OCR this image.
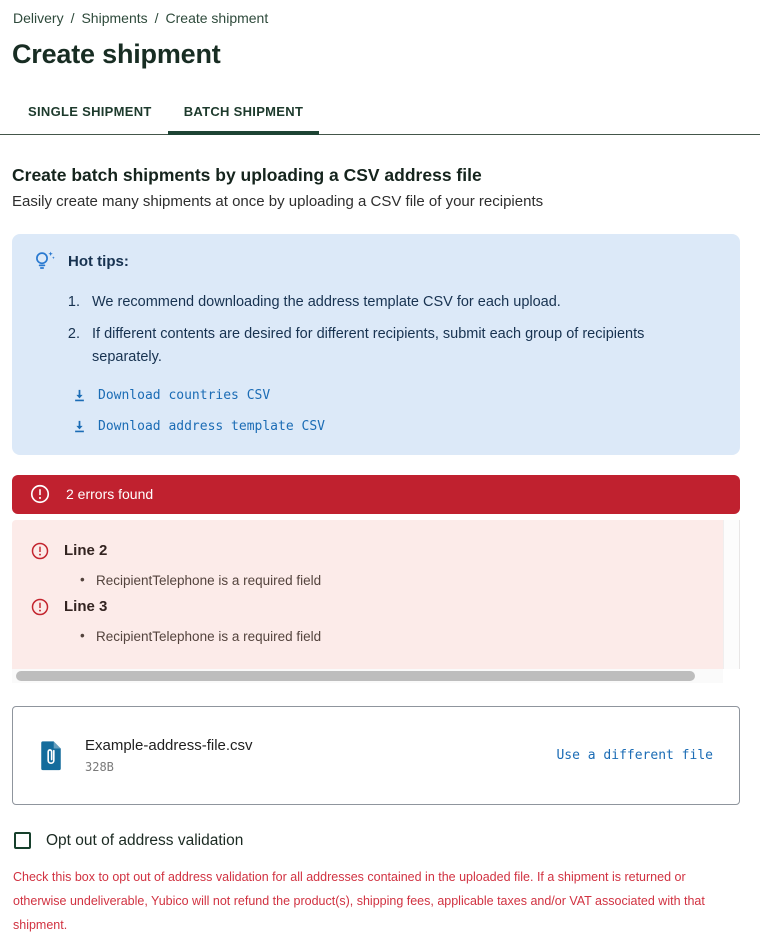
Delivery / Shipments / Create shipment
Create shipment
SINGLE SHIPMENT	BATCH SHIPMENT
Create batch shipments by uploading a CSV address file

Easily create many shipments at once by uploading a CSV file of your recipients

Hot tips:
1. We recommend downloading the address template CSV for each upload.
2. If different contents are desired for different recipients, submit each group of recipients separately.
Download countries CSV
Download address template CSV
2 errors found
Line 2
• RecipientTelephone is a required field
Line 3
• RecipientTelephone is a required field
Example-address-file.csv
328B
Use a different file
Opt out of address validation

Check this box to opt out of address validation for all addresses contained in the uploaded file. If a shipment is returned or otherwise undeliverable, Yubico will not refund the product(s), shipping fees, applicable taxes and/or VAT associated with that shipment.
